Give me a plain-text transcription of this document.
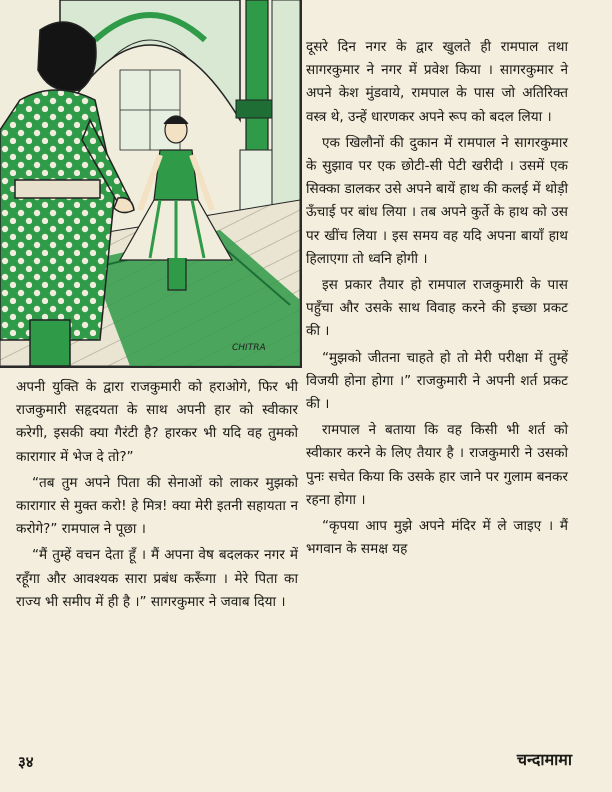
CHITRA

दूसरे दिन नगर के द्वार खुलते ही रामपाल तथा सागरकुमार ने नगर में प्रवेश किया । सागरकुमार ने अपने केश मुंडवाये, रामपाल के पास जो अतिरिक्त वस्त्र थे, उन्हें धारणकर अपने रूप को बदल लिया ।

एक खिलौनों की दुकान में रामपाल ने सागरकुमार के सुझाव पर एक छोटी-सी पेटी खरीदी । उसमें एक सिक्का डालकर उसे अपने बायें हाथ की कलई में थोड़ी ऊँचाई पर बांध लिया । तब अपने कुर्ते के हाथ को उस पर खींच लिया । इस समय वह यदि अपना बायाँ हाथ हिलाएगा तो ध्वनि होगी ।

इस प्रकार तैयार हो रामपाल राजकुमारी के पास पहुँचा और उसके साथ विवाह करने की इच्छा प्रकट की ।

“मुझको जीतना चाहते हो तो मेरी परीक्षा में तुम्हें विजयी होना होगा ।” राजकुमारी ने अपनी शर्त प्रकट की ।

रामपाल ने बताया कि वह किसी भी शर्त को स्वीकार करने के लिए तैयार है । राजकुमारी ने उसको पुनः सचेत किया कि उसके हार जाने पर गुलाम बनकर रहना होगा ।

“कृपया आप मुझे अपने मंदिर में ले जाइए । मैं भगवान के समक्ष यह

अपनी युक्ति के द्वारा राजकुमारी को हराओगे, फिर भी राजकुमारी सहृदयता के साथ अपनी हार को स्वीकार करेगी, इसकी क्या गैरंटी है? हारकर भी यदि वह तुमको कारागार में भेज दे तो?”

“तब तुम अपने पिता की सेनाओं को लाकर मुझको कारागार से मुक्त करो! हे मित्र! क्या मेरी इतनी सहायता न करोगे?” रामपाल ने पूछा ।

“मैं तुम्हें वचन देता हूँ । मैं अपना वेष बदलकर नगर में रहूँगा और आवश्यक सारा प्रबंध करूँगा । मेरे पिता का राज्य भी समीप में ही है ।” सागरकुमार ने जवाब दिया ।

३४	चन्दामामा
